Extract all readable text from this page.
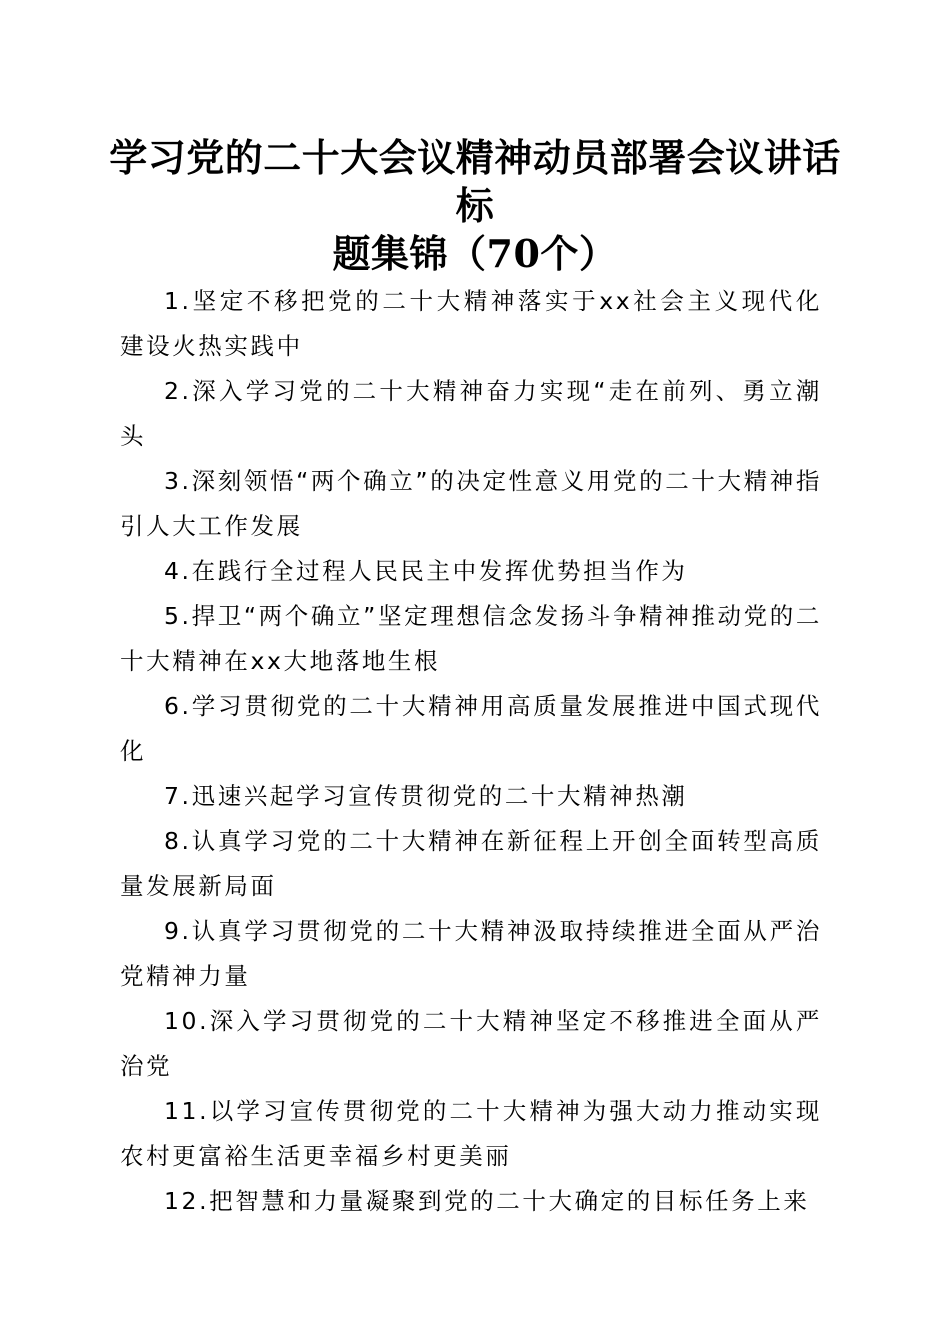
学习党的二十大会议精神动员部署会议讲话标
题集锦（70个）
1.坚定不移把党的二十大精神落实于xx社会主义现代化建设火热实践中
2.深入学习党的二十大精神奋力实现“走在前列、勇立潮头
3.深刻领悟“两个确立”的决定性意义用党的二十大精神指引人大工作发展
4.在践行全过程人民民主中发挥优势担当作为
5.捍卫“两个确立”坚定理想信念发扬斗争精神推动党的二十大精神在xx大地落地生根
6.学习贯彻党的二十大精神用高质量发展推进中国式现代化
7.迅速兴起学习宣传贯彻党的二十大精神热潮
8.认真学习党的二十大精神在新征程上开创全面转型高质量发展新局面
9.认真学习贯彻党的二十大精神汲取持续推进全面从严治党精神力量
10.深入学习贯彻党的二十大精神坚定不移推进全面从严治党
11.以学习宣传贯彻党的二十大精神为强大动力推动实现农村更富裕生活更幸福乡村更美丽
12.把智慧和力量凝聚到党的二十大确定的目标任务上来
